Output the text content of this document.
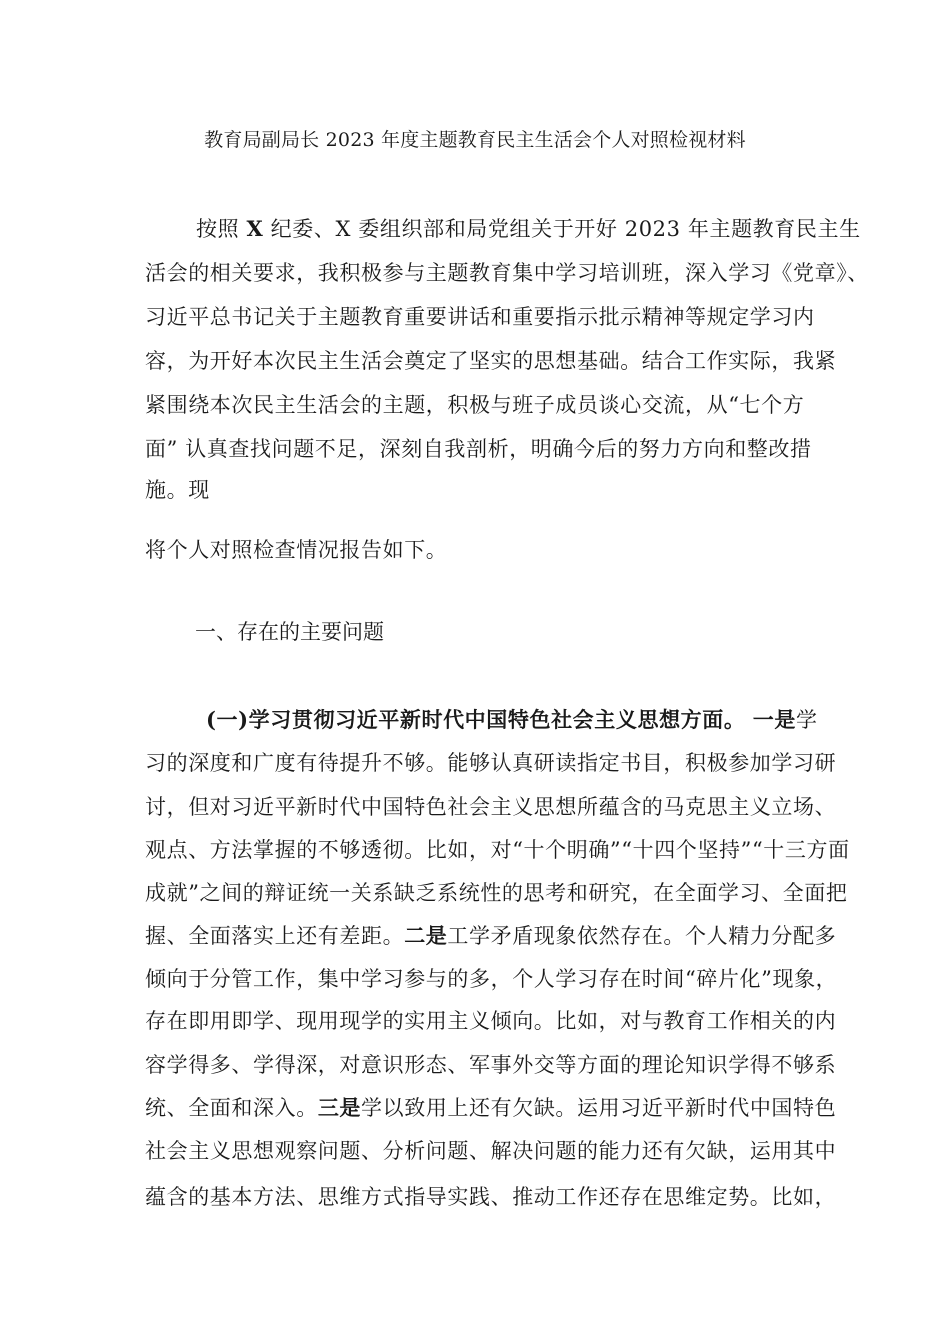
教育局副局长 2023 年度主题教育民主生活会个人对照检视材料
按照 X 纪委、X 委组织部和局党组关于开好 2023 年主题教育民主生
活会的相关要求，我积极参与主题教育集中学习培训班，深入学习《党章》、
习近平总书记关于主题教育重要讲话和重要指示批示精神等规定学习内
容，为开好本次民主生活会奠定了坚实的思想基础。结合工作实际，我紧
紧围绕本次民主生活会的主题，积极与班子成员谈心交流，从“七个方
面” 认真查找问题不足，深刻自我剖析，明确今后的努力方向和整改措
施。现
将个人对照检查情况报告如下。
一、存在的主要问题
(一)学习贯彻习近平新时代中国特色社会主义思想方面。 一是学
习的深度和广度有待提升不够。能够认真研读指定书目，积极参加学习研
讨，但对习近平新时代中国特色社会主义思想所蕴含的马克思主义立场、
观点、方法掌握的不够透彻。比如，对“十个明确”“十四个坚持”“十三方面
成就”之间的辩证统一关系缺乏系统性的思考和研究，在全面学习、全面把
握、全面落实上还有差距。二是工学矛盾现象依然存在。个人精力分配多
倾向于分管工作，集中学习参与的多，个人学习存在时间“碎片化”现象，
存在即用即学、现用现学的实用主义倾向。比如，对与教育工作相关的内
容学得多、学得深，对意识形态、军事外交等方面的理论知识学得不够系
统、全面和深入。三是学以致用上还有欠缺。运用习近平新时代中国特色
社会主义思想观察问题、分析问题、解决问题的能力还有欠缺，运用其中
蕴含的基本方法、思维方式指导实践、推动工作还存在思维定势。比如，
